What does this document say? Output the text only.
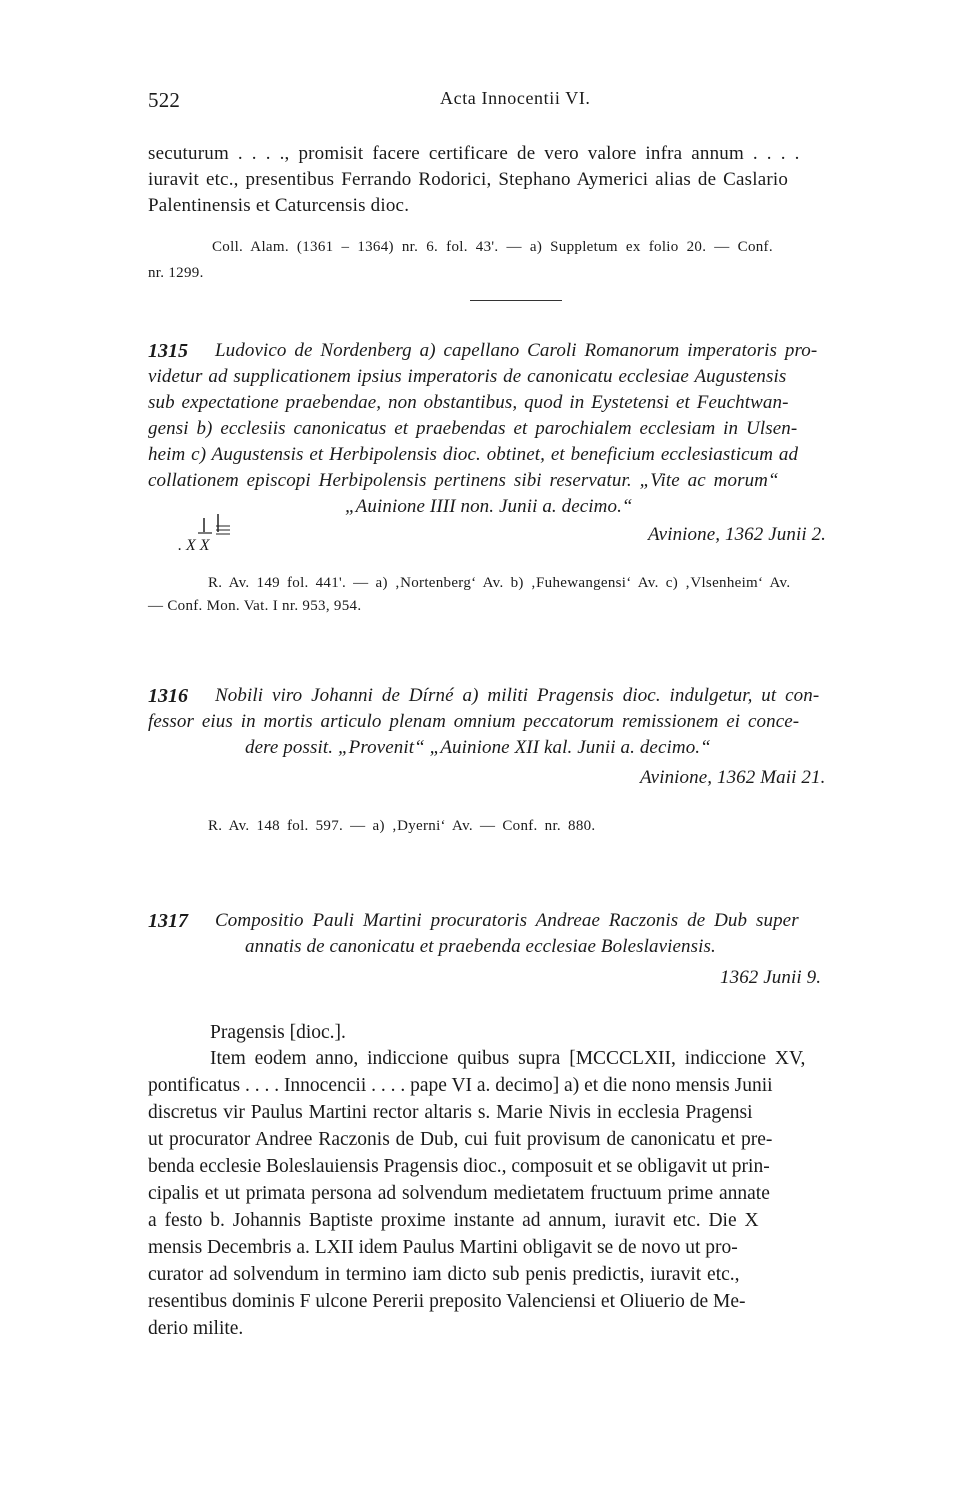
522	Acta Innocentii VI.
secuturum . . . ., promisit facere certificare de vero valore infra annum . . . .
iuravit etc., presentibus Ferrando Rodorici, Stephano Aymerici alias de Caslario
Palentinensis et Caturcensis dioc.
Coll. Alam. (1361 – 1364) nr. 6. fol. 43'. — a) Suppletum ex folio 20. — Conf.
nr. 1299.
1315 Ludovico de Nordenberg a) capellano Caroli Romanorum imperatoris pro-
videtur ad supplicationem ipsius imperatoris de canonicatu ecclesiae Augustensis
sub expectatione praebendae, non obstantibus, quod in Eystetensi et Feuchtwan-
gensi b) ecclesiis canonicatus et praebendas et parochialem ecclesiam in Ulsen-
heim c) Augustensis et Herbipolensis dioc. obtinet, et beneficium ecclesiasticum ad
collationem episcopi Herbipolensis pertinens sibi reservatur. „Vite ac morum“
„Auinione IIII non. Junii a. decimo.“
. X X
Avinione, 1362 Junii 2.
R. Av. 149 fol. 441'. — a) ‚Nortenberg‘ Av. b) ‚Fuhewangensi‘ Av. c) ‚Vlsenheim‘ Av.
— Conf. Mon. Vat. I nr. 953, 954.
1316 Nobili viro Johanni de Dírné a) militi Pragensis dioc. indulgetur, ut con-
fessor eius in mortis articulo plenam omnium peccatorum remissionem ei conce-
dere possit. „Provenit“ „Auinione XII kal. Junii a. decimo.“
Avinione, 1362 Maii 21.
R. Av. 148 fol. 597. — a) ‚Dyerni‘ Av. — Conf. nr. 880.
1317 Compositio Pauli Martini procuratoris Andreae Raczonis de Dub super
annatis de canonicatu et praebenda ecclesiae Boleslaviensis.
1362 Junii 9.
Pragensis [dioc.].
Item eodem anno, indiccione quibus supra [MCCCLXII, indiccione XV,
pontificatus . . . . Innocencii . . . . pape VI a. decimo] a) et die nono mensis Junii
discretus vir Paulus Martini rector altaris s. Marie Nivis in ecclesia Pragensi
ut procurator Andree Raczonis de Dub, cui fuit provisum de canonicatu et pre-
benda ecclesie Boleslauiensis Pragensis dioc., composuit et se obligavit ut prin-
cipalis et ut primata persona ad solvendum medietatem fructuum prime annate
a festo b. Johannis Baptiste proxime instante ad annum, iuravit etc. Die X
mensis Decembris a. LXII idem Paulus Martini obligavit se de novo ut pro-
curator ad solvendum in termino iam dicto sub penis predictis, iuravit etc.,
resentibus dominis F ulcone Pererii preposito Valenciensi et Oliuerio de Me-
derio milite.
